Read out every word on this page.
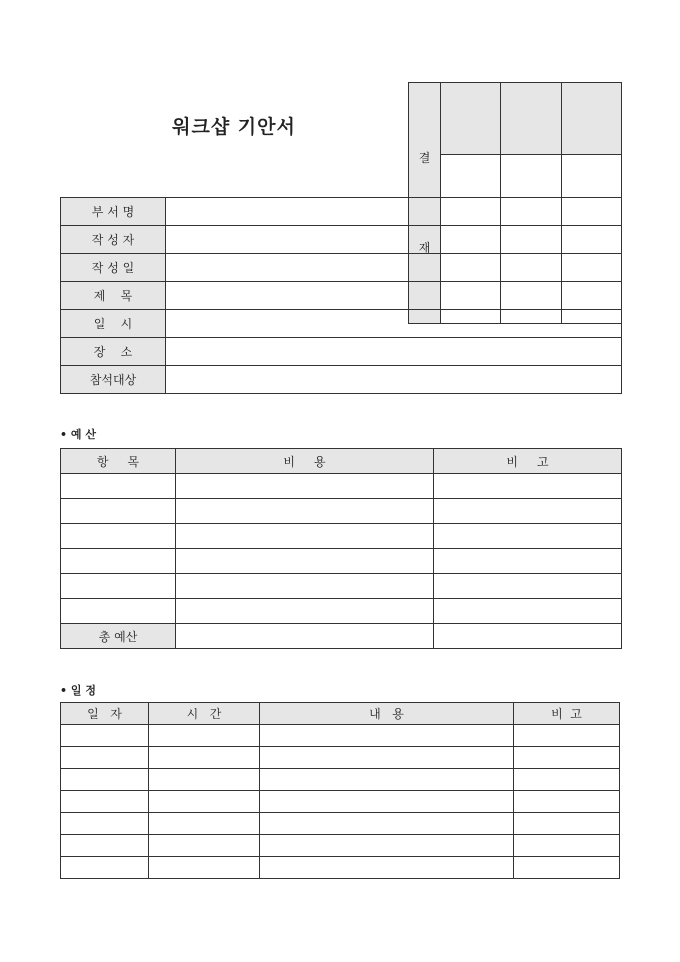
워크샵 기안서

결

재			

부 서 명	
작 성 자	
작 성 일	
제    목	
일    시	
장    소	
참석대상	
• 예 산
항     목	비     용	비     고

총 예산		
• 일 정
일   자	시   간	내   용	비  고
